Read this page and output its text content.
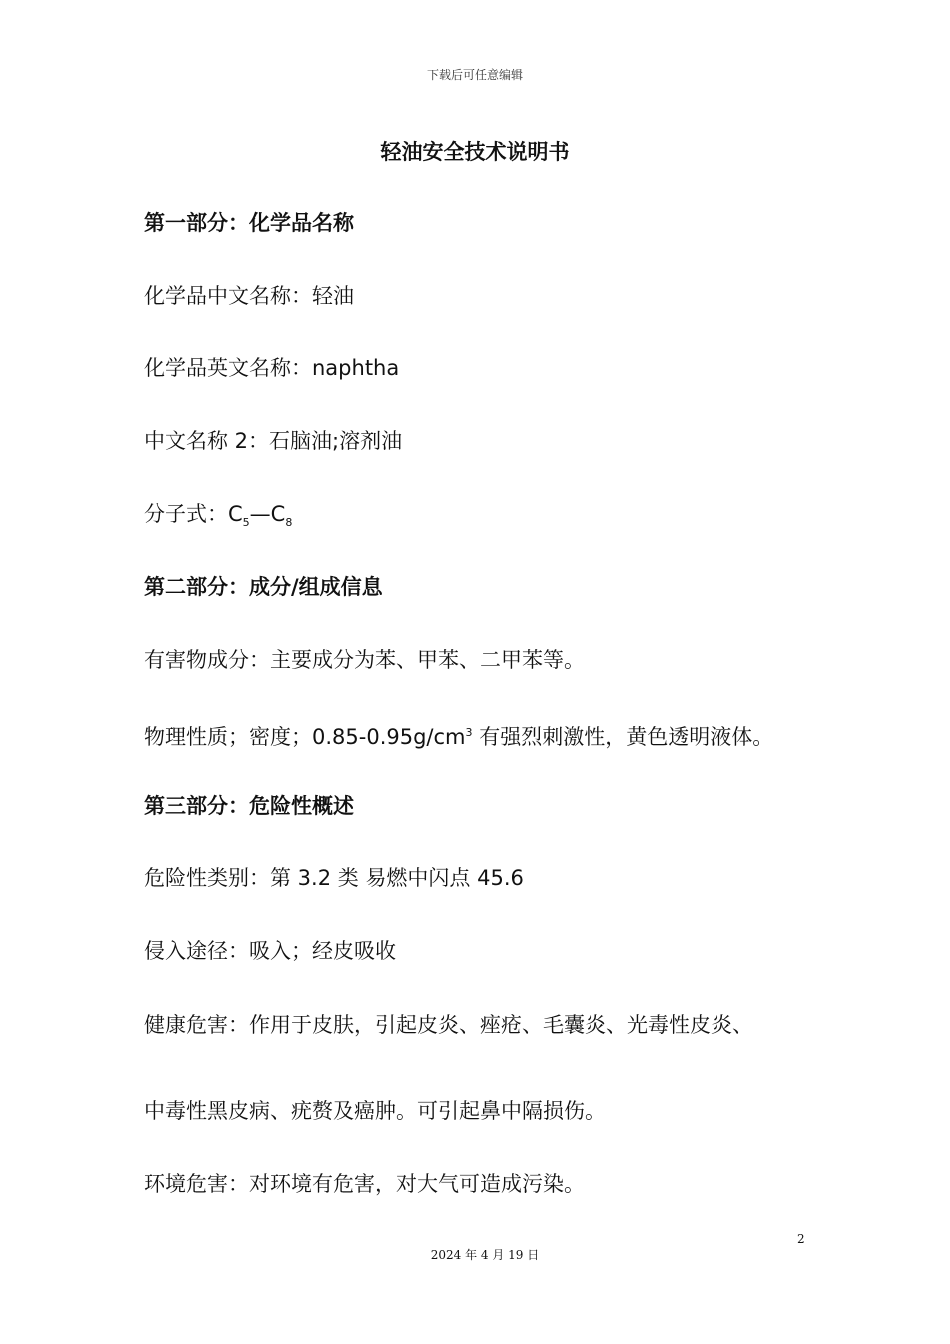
下载后可任意编辑
轻油安全技术说明书
第一部分：化学品名称
化学品中文名称：轻油
化学品英文名称：naphtha
中文名称 2：石脑油;溶剂油
分子式：$C_5—C_8$
第二部分：成分/组成信息
有害物成分：主要成分为苯、甲苯、二甲苯等。
物理性质；密度；$0.85-0.95g/cm^3$ 有强烈刺激性，黄色透明液体。
第三部分：危险性概述
危险性类别：第 3.2 类 易燃中闪点 45.6
侵入途径：吸入；经皮吸收
健康危害：作用于皮肤，引起皮炎、痤疮、毛囊炎、光毒性皮炎、
中毒性黑皮病、疣赘及癌肿。可引起鼻中隔损伤。
环境危害：对环境有危害，对大气可造成污染。
2
2024 年 4 月 19 日
